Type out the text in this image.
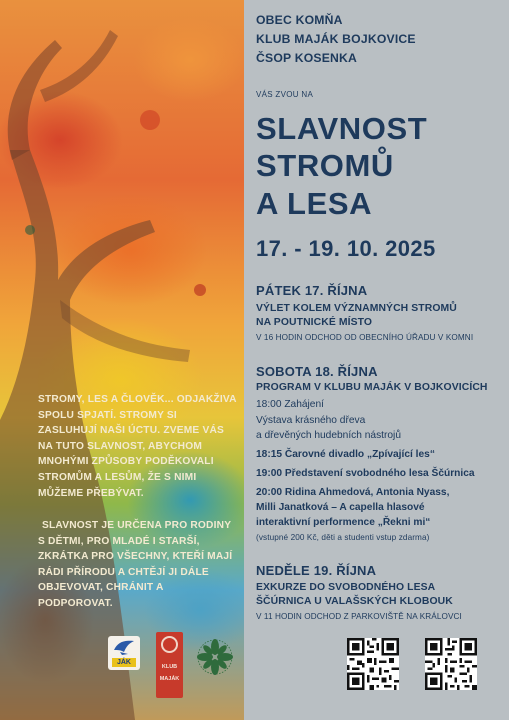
STROMY, LES A ČLOVĚK... ODJAKŽIVA SPOLU SPJATÍ. STROMY SI ZASLUHUJÍ NAŠI ÚCTU. ZVEME VÁS NA TUTO SLAVNOST, ABYCHOM MNOHÝMI ZPŮSOBY PODĚKOVALI STROMŮM A LESŮM, ŽE S NIMI MŮŽEME PŘEBÝVAT.
SLAVNOST JE URČENA PRO RODINY S DĚTMI, PRO MLADÉ I STARŠÍ, ZKRÁTKA PRO VŠECHNY, KTEŘÍ MAJÍ RÁDI PŘÍRODU A CHTĚJÍ JI DÁLE OBJEVOVAT, CHRÁNIT A PODPOROVAT.
JÁK
KLUB
MAJÁK
OBEC KOMŇA
KLUB MAJÁK BOJKOVICE
ČSOP KOSENKA
VÁS ZVOU NA
SLAVNOST
STROMŮ
A LESA
17. - 19. 10. 2025
PÁTEK 17. ŘÍJNA
VÝLET KOLEM VÝZNAMNÝCH STROMŮ
NA POUTNICKÉ MÍSTO
V 16 HODIN ODCHOD OD OBECNÍHO ÚŘADU V KOMNI
SOBOTA 18. ŘÍJNA
PROGRAM V KLUBU MAJÁK V BOJKOVICÍCH
18:00 Zahájení
Výstava krásného dřeva
a dřevěných hudebních nástrojů
18:15 Čarovné divadlo „Zpívající les“
19:00 Představení svobodného lesa Ščúrnica
20:00 Ridina Ahmedová, Antonia Nyass,
Milli Janatková – A capella hlasové
interaktivní performence „Řekni mi“
(vstupné 200 Kč, děti a studenti vstup zdarma)
NEDĚLE 19. ŘÍJNA
EXKURZE DO SVOBODNÉHO LESA
ŠČÚRNICA U VALAŠSKÝCH KLOBOUK
V 11 HODIN ODCHOD Z PARKOVIŠTĚ NA KRÁLOVCI
